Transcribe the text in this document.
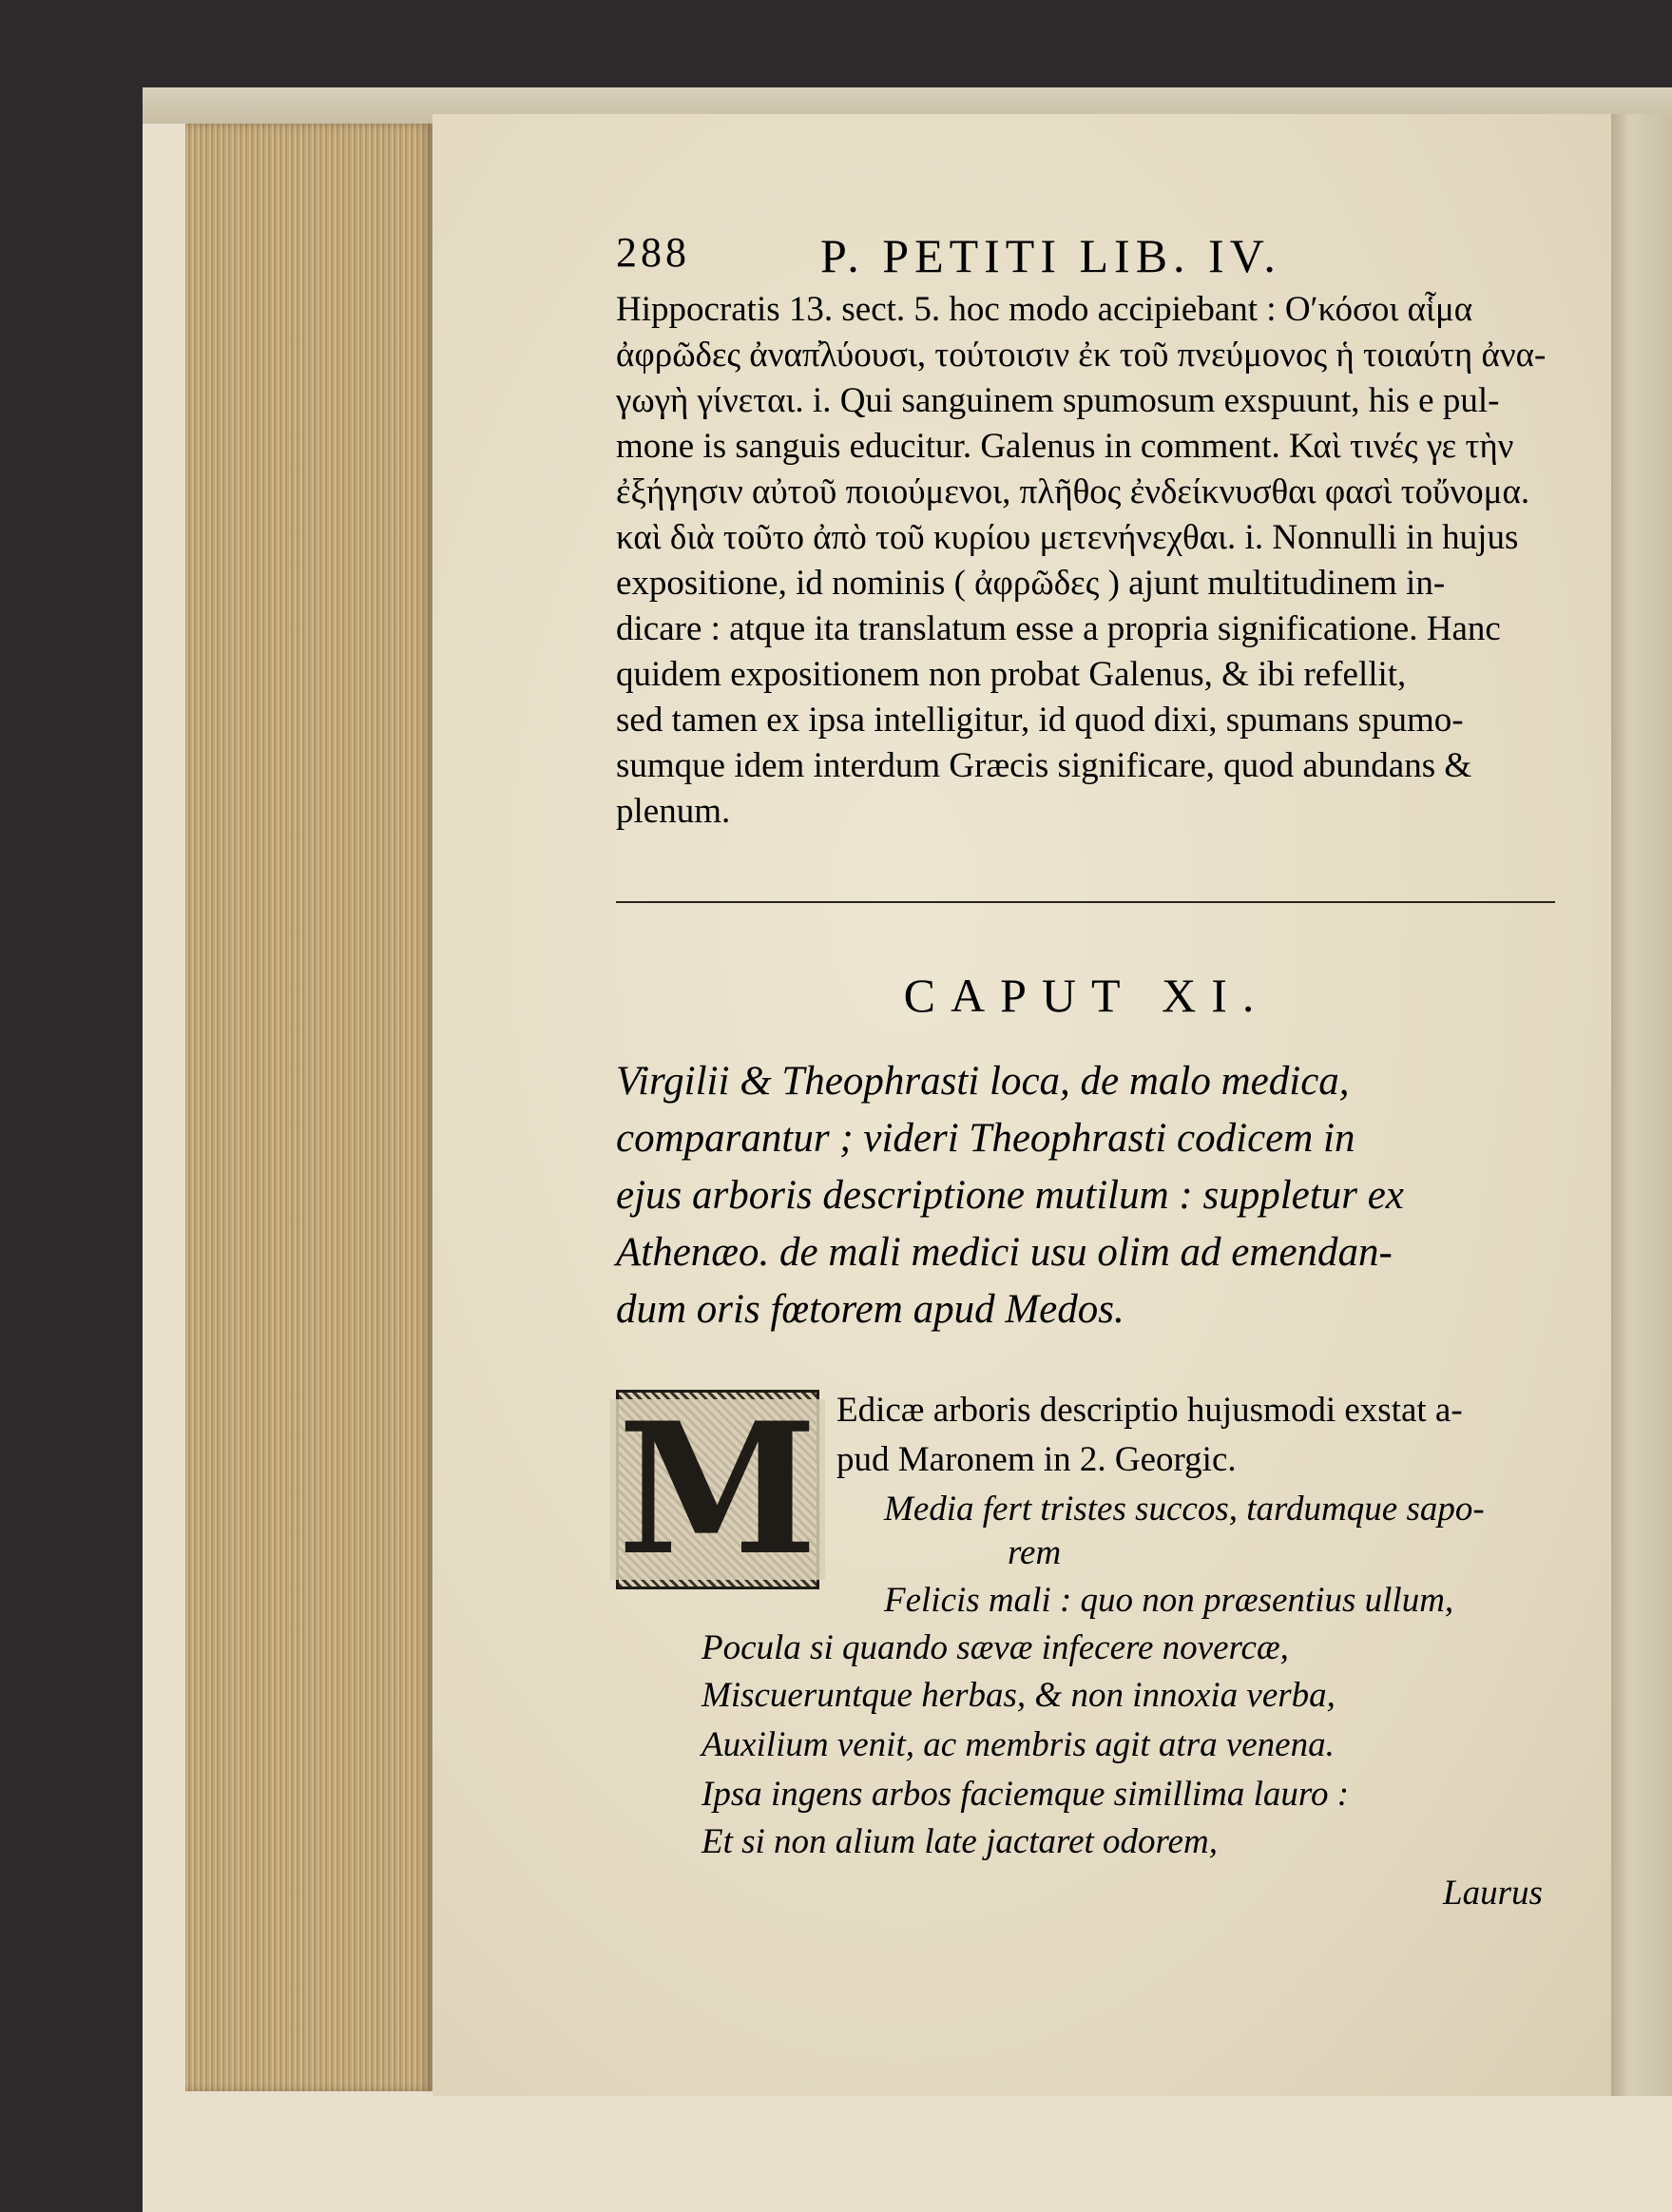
288	P. PETITI LIB. IV.

Hippocratis 13. sect. 5. hoc modo accipiebant : Oʹκόσοι αἷμα

ἀφρῶδες ἀναπ̓λύουσι, τούτοισιν ἐκ τοῦ πνεύμονος ἡ τοιαύτη ἀνα-

γωγὴ γίνεται. i. Qui sanguinem spumosum exspuunt, his e pul-

mone is sanguis educitur. Galenus in comment. Καὶ τινές γε τὴν

ἐξήγησιν αὐτοῦ ποιούμενοι, πλῆθος ἐνδείκνυσθαι φασὶ τοὔνομα.

καὶ διὰ τοῦτο ἀπὸ τοῦ κυρίου μετενήνεχθαι. i. Nonnulli in hujus

expositione, id nominis ( ἀφρῶδες ) ajunt multitudinem in-

dicare : atque ita translatum esse a propria significatione. Hanc

quidem expositionem non probat Galenus, & ibi refellit,

sed tamen ex ipsa intelligitur, id quod dixi, spumans spumo-

sumque idem interdum Græcis significare, quod abundans &

plenum.

CAPUT XI.
Virgilii & Theophrasti loca, de malo medica,
comparantur ; videri Theophrasti codicem in
ejus arboris descriptione mutilum : suppletur ex
Athenæo. de mali medici usu olim ad emendan-
dum oris fœtorem apud Medos.
M Edicæ arboris descriptio hujusmodi exstat a-
pud Maronem in 2. Georgic.
Media fert tristes succos, tardumque sapo-
rem
Felicis mali : quo non præsentius ullum,
Pocula si quando sævæ infecere novercæ,
Miscueruntque herbas, & non innoxia verba,
Auxilium venit, ac membris agit atra venena.
Ipsa ingens arbos faciemque simillima lauro :
Et si non alium late jactaret odorem,
Laurus
